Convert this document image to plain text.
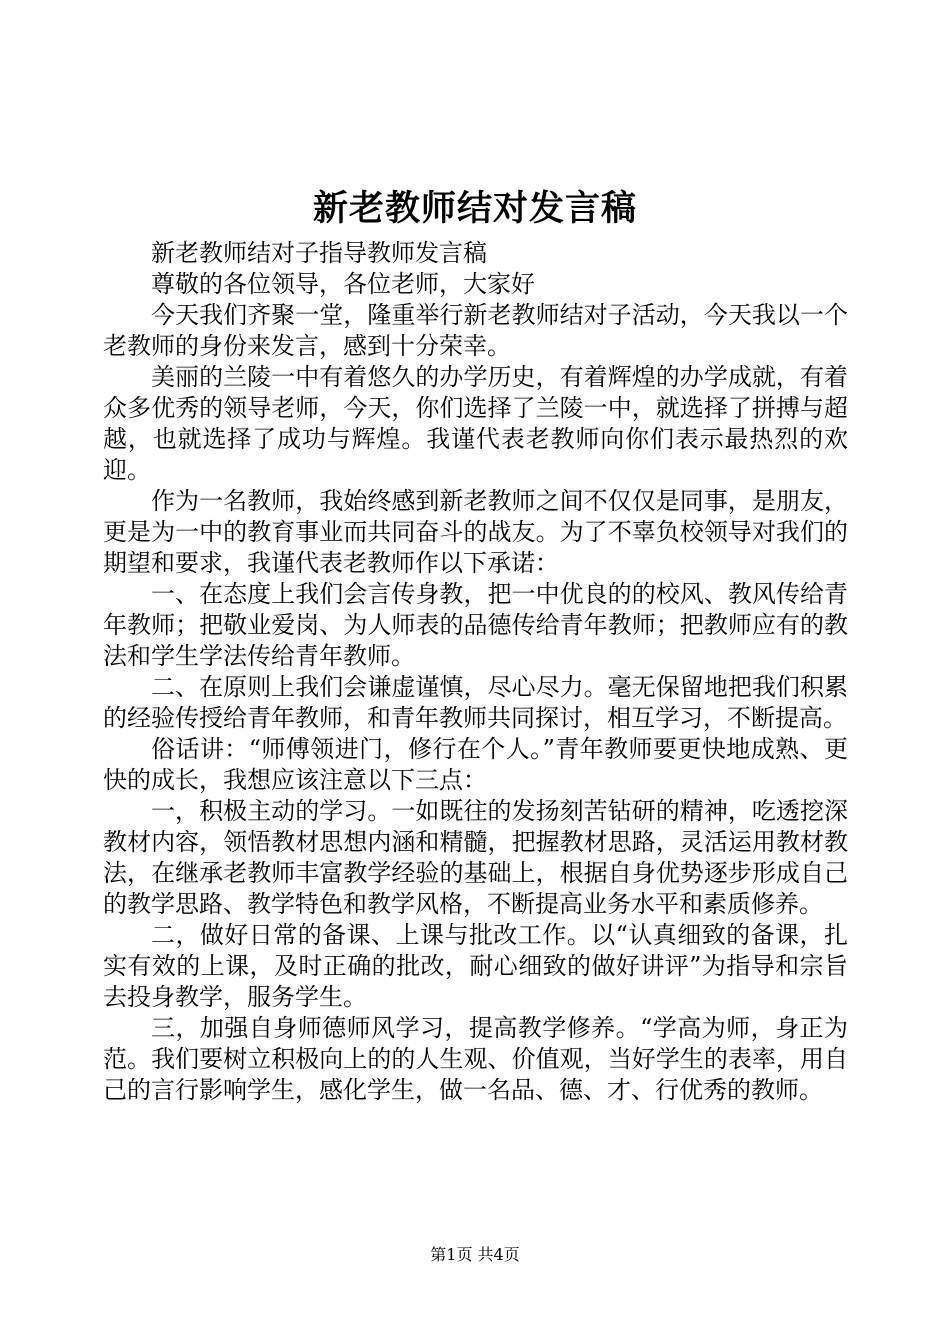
新老教师结对发言稿

新老教师结对子指导教师发言稿

尊敬的各位领导，各位老师，大家好

今天我们齐聚一堂，隆重举行新老教师结对子活动，今天我以一个老教师的身份来发言，感到十分荣幸。

美丽的兰陵一中有着悠久的办学历史，有着辉煌的办学成就，有着众多优秀的领导老师，今天，你们选择了兰陵一中，就选择了拼搏与超越，也就选择了成功与辉煌。我谨代表老教师向你们表示最热烈的欢迎。

作为一名教师，我始终感到新老教师之间不仅仅是同事，是朋友，更是为一中的教育事业而共同奋斗的战友。为了不辜负校领导对我们的期望和要求，我谨代表老教师作以下承诺：

一、在态度上我们会言传身教，把一中优良的的校风、教风传给青年教师；把敬业爱岗、为人师表的品德传给青年教师；把教师应有的教法和学生学法传给青年教师。

二、在原则上我们会谦虚谨慎，尽心尽力。毫无保留地把我们积累的经验传授给青年教师，和青年教师共同探讨，相互学习，不断提高。

俗话讲：“师傅领进门，修行在个人。”青年教师要更快地成熟、更快的成长，我想应该注意以下三点：

一，积极主动的学习。一如既往的发扬刻苦钻研的精神，吃透挖深教材内容，领悟教材思想内涵和精髓，把握教材思路，灵活运用教材教法，在继承老教师丰富教学经验的基础上，根据自身优势逐步形成自己的教学思路、教学特色和教学风格，不断提高业务水平和素质修养。

二，做好日常的备课、上课与批改工作。以“认真细致的备课，扎实有效的上课，及时正确的批改，耐心细致的做好讲评”为指导和宗旨去投身教学，服务学生。

三，加强自身师德师风学习，提高教学修养。“学高为师，身正为范。我们要树立积极向上的的人生观、价值观，当好学生的表率，用自己的言行影响学生，感化学生，做一名品、德、才、行优秀的教师。

第1页 共4页
